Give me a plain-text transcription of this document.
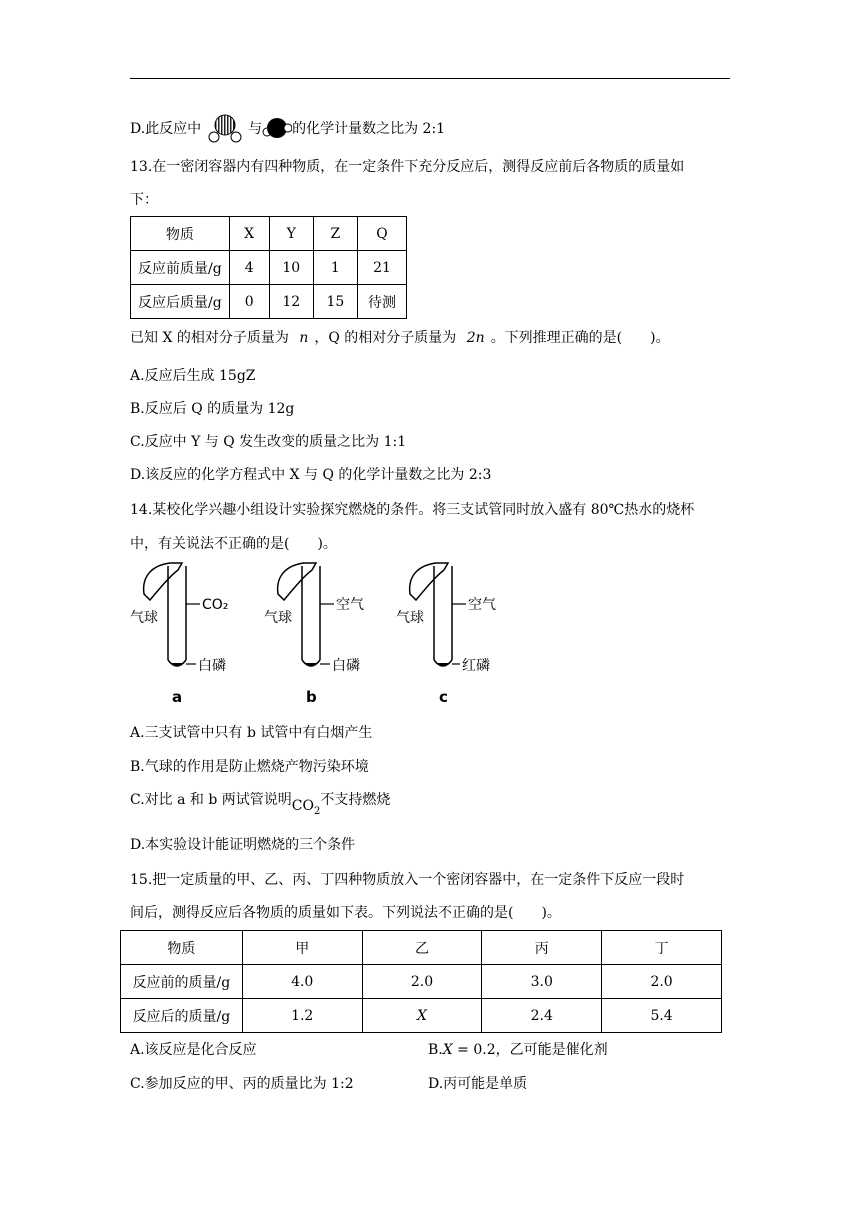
D.此反应中	与 的化学计量数之比为 2:1
13.在一密闭容器内有四种物质，在一定条件下充分反应后，测得反应前后各物质的质量如
下：
物质	X	Y	Z	Q
反应前质量/g	4	10	1	21
反应后质量/g	0	12	15	待测
已知 X 的相对分子质量为 n ，Q 的相对分子质量为 2n 。下列推理正确的是(　　)。
A.反应后生成 15gZ
B.反应后 Q 的质量为 12g
C.反应中 Y 与 Q 发生改变的质量之比为 1:1
D.该反应的化学方程式中 X 与 Q 的化学计量数之比为 2:3
14.某校化学兴趣小组设计实验探究燃烧的条件。将三支试管同时放入盛有 80℃热水的烧杯
中，有关说法不正确的是(　　)。
气球
CO₂
白磷
a
气球
空气
白磷
b
气球
空气
红磷
c
A.三支试管中只有 b 试管中有白烟产生
B.气球的作用是防止燃烧产物污染环境
C.对比 a 和 b 两试管说明$CO_2$不支持燃烧
D.本实验设计能证明燃烧的三个条件
15.把一定质量的甲、乙、丙、丁四种物质放入一个密闭容器中，在一定条件下反应一段时
间后，测得反应后各物质的质量如下表。下列说法不正确的是(　　)。
物质	甲	乙	丙	丁
反应前的质量/g	4.0	2.0	3.0	2.0
反应后的质量/g	1.2	X	2.4	5.4
A.该反应是化合反应	B.X = 0.2，乙可能是催化剂
C.参加反应的甲、丙的质量比为 1:2	D.丙可能是单质
